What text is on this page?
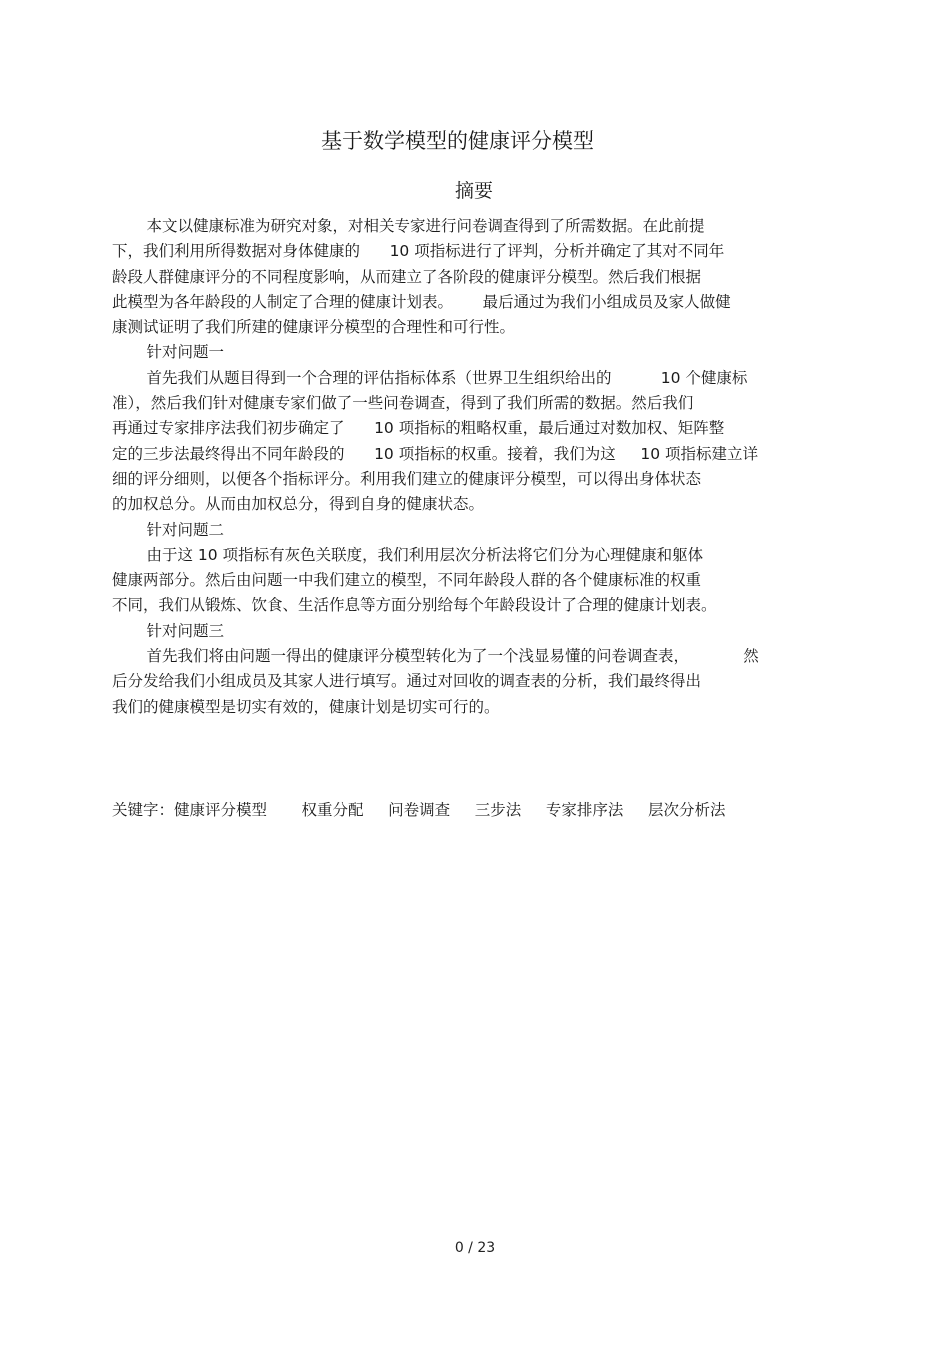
基于数学模型的健康评分模型
摘要
本文以健康标准为研究对象，对相关专家进行问卷调查得到了所需数据。在此前提
下，我们利用所得数据对身体健康的      10 项指标进行了评判，分析并确定了其对不同年
龄段人群健康评分的不同程度影响，从而建立了各阶段的健康评分模型。然后我们根据
此模型为各年龄段的人制定了合理的健康计划表。      最后通过为我们小组成员及家人做健
康测试证明了我们所建的健康评分模型的合理性和可行性。
针对问题一
首先我们从题目得到一个合理的评估指标体系（世界卫生组织给出的          10 个健康标
准），然后我们针对健康专家们做了一些问卷调查，得到了我们所需的数据。然后我们
再通过专家排序法我们初步确定了      10 项指标的粗略权重，最后通过对数加权、矩阵整
定的三步法最终得出不同年龄段的      10 项指标的权重。接着，我们为这     10 项指标建立详
细的评分细则，以便各个指标评分。利用我们建立的健康评分模型，可以得出身体状态
的加权总分。从而由加权总分，得到自身的健康状态。
针对问题二
由于这 10 项指标有灰色关联度，我们利用层次分析法将它们分为心理健康和躯体
健康两部分。然后由问题一中我们建立的模型，不同年龄段人群的各个健康标准的权重
不同，我们从锻炼、饮食、生活作息等方面分别给每个年龄段设计了合理的健康计划表。
针对问题三
首先我们将由问题一得出的健康评分模型转化为了一个浅显易懂的问卷调查表，           然
后分发给我们小组成员及其家人进行填写。通过对回收的调查表的分析，我们最终得出
我们的健康模型是切实有效的，健康计划是切实可行的。
关键字：健康评分模型       权重分配     问卷调查     三步法     专家排序法     层次分析法
0 / 23
